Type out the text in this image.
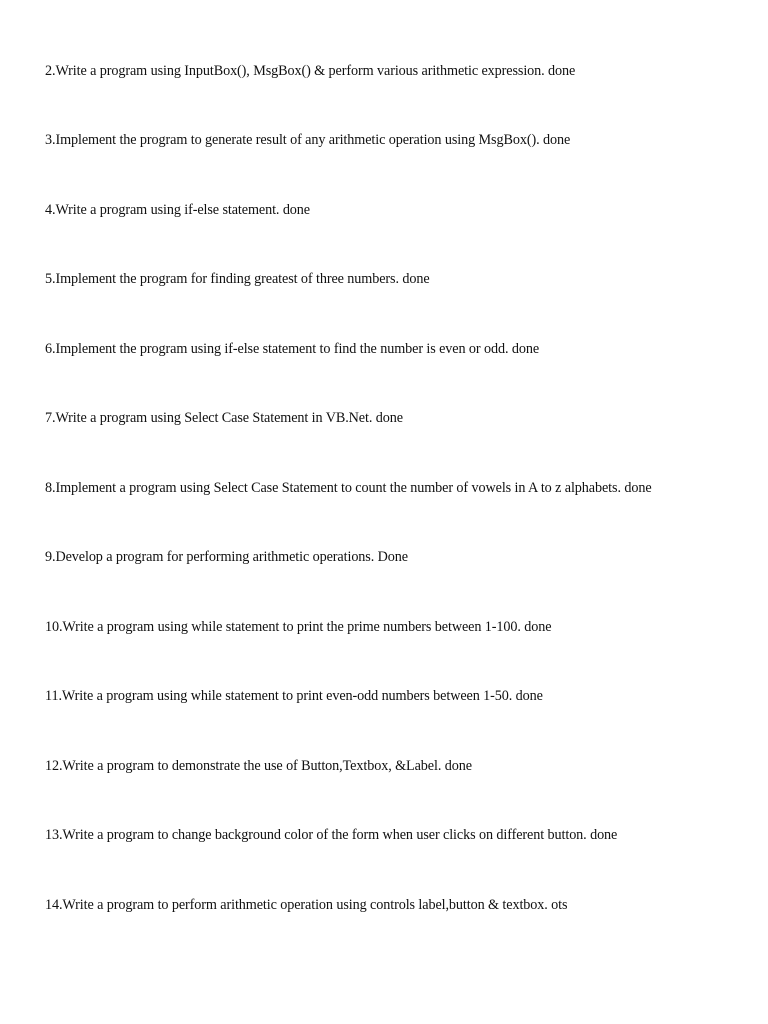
2.Write a program using InputBox(), MsgBox() & perform various arithmetic expression. done

3.Implement the program to generate result of any arithmetic operation using MsgBox(). done

4.Write a program using if-else statement. done

5.Implement the program for finding greatest of three numbers. done

6.Implement the program using if-else statement to find the number is even or odd. done

7.Write a program using Select Case Statement in VB.Net. done

8.Implement a program using Select Case Statement to count the number of vowels in A to z alphabets. done

9.Develop a program for performing arithmetic operations. Done

10.Write a program using while statement to print the prime numbers between 1-100. done

11.Write a program using while statement to print even-odd numbers between 1-50. done

12.Write a program to demonstrate the use of Button,Textbox, &Label. done

13.Write a program to change background color of the form when user clicks on different button. done

14.Write a program to perform arithmetic operation using controls label,button & textbox. ots
